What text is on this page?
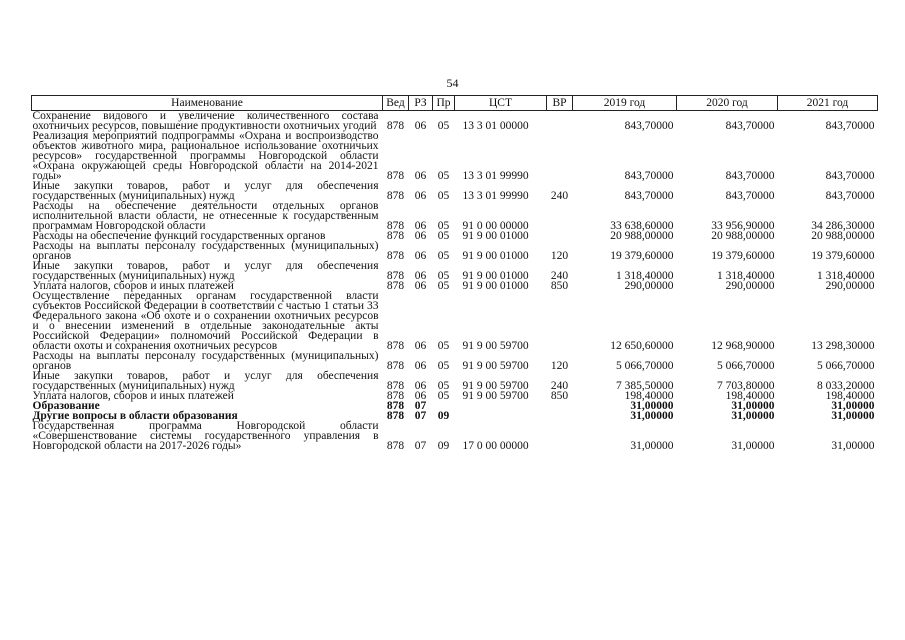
54
Наименование	Вед	РЗ	Пр	ЦСТ	ВР	2019 год	2020 год	2021 год
Сохранение видового и увеличение количественного состава охотничьих ресурсов, повышение продуктивности охотничьих угодий	878	06	05	13 3 01 00000		843,70000	843,70000	843,70000
Реализация мероприятий подпрограммы «Охрана и воспроизводство объектов животного мира, рациональное использование охотничьих ресурсов» государственной программы Новгородской области «Охрана окружающей среды Новгородской области на 2014-2021 годы»	878	06	05	13 3 01 99990		843,70000	843,70000	843,70000
Иные закупки товаров, работ и услуг для обеспечения государственных (муниципальных) нужд	878	06	05	13 3 01 99990	240	843,70000	843,70000	843,70000
Расходы на обеспечение деятельности отдельных органов исполнительной власти области, не отнесенные к государственным программам Новгородской области	878	06	05	91 0 00 00000		33 638,60000	33 956,90000	34 286,30000
Расходы на обеспечение функций государственных органов	878	06	05	91 9 00 01000		20 988,00000	20 988,00000	20 988,00000
Расходы на выплаты персоналу государственных (муниципальных) органов	878	06	05	91 9 00 01000	120	19 379,60000	19 379,60000	19 379,60000
Иные закупки товаров, работ и услуг для обеспечения государственных (муниципальных) нужд	878	06	05	91 9 00 01000	240	1 318,40000	1 318,40000	1 318,40000
Уплата налогов, сборов и иных платежей	878	06	05	91 9 00 01000	850	290,00000	290,00000	290,00000
Осуществление переданных органам государственной власти субъектов Российской Федерации в соответствии с частью 1 статьи 33 Федерального закона «Об охоте и о сохранении охотничьих ресурсов и о внесении изменений в отдельные законодательные акты Российской Федерации» полномочий Российской Федерации в области охоты и сохранения охотничьих ресурсов	878	06	05	91 9 00 59700		12 650,60000	12 968,90000	13 298,30000
Расходы на выплаты персоналу государственных (муниципальных) органов	878	06	05	91 9 00 59700	120	5 066,70000	5 066,70000	5 066,70000
Иные закупки товаров, работ и услуг для обеспечения государственных (муниципальных) нужд	878	06	05	91 9 00 59700	240	7 385,50000	7 703,80000	8 033,20000
Уплата налогов, сборов и иных платежей	878	06	05	91 9 00 59700	850	198,40000	198,40000	198,40000
Образование	878	07				31,00000	31,00000	31,00000
Другие вопросы в области образования	878	07	09			31,00000	31,00000	31,00000
Государственная программа Новгородской области «Совершенствование системы государственного управления в Новгородской области на 2017-2026 годы»	878	07	09	17 0 00 00000		31,00000	31,00000	31,00000
